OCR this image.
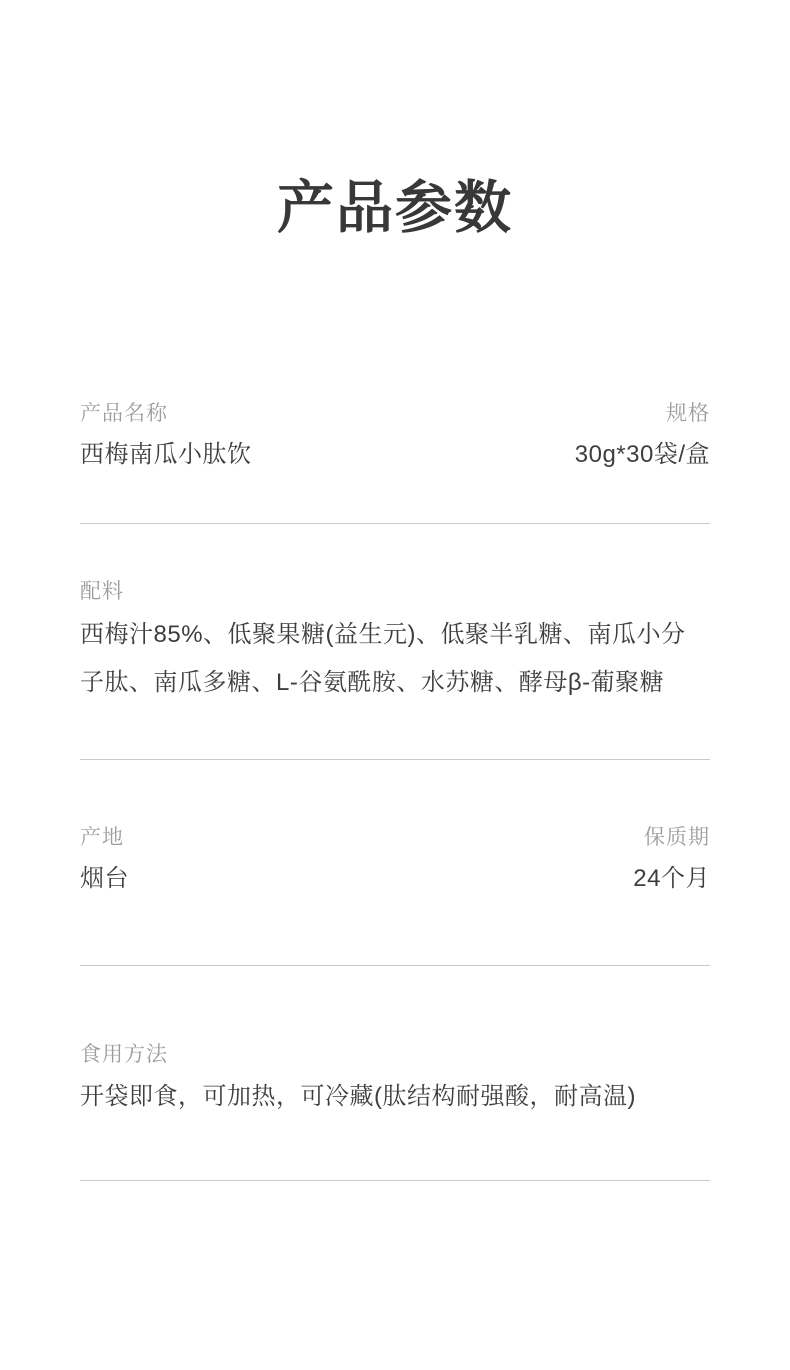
产品参数
产品名称
西梅南瓜小肽饮
规格
30g*30袋/盒
配料

西梅汁85%、低聚果糖(益生元)、低聚半乳糖、南瓜小分子肽、南瓜多糖、L-谷氨酰胺、水苏糖、酵母β-葡聚糖

产地
烟台
保质期
24个月
食用方法
开袋即食，可加热，可冷藏(肽结构耐强酸，耐高温)
